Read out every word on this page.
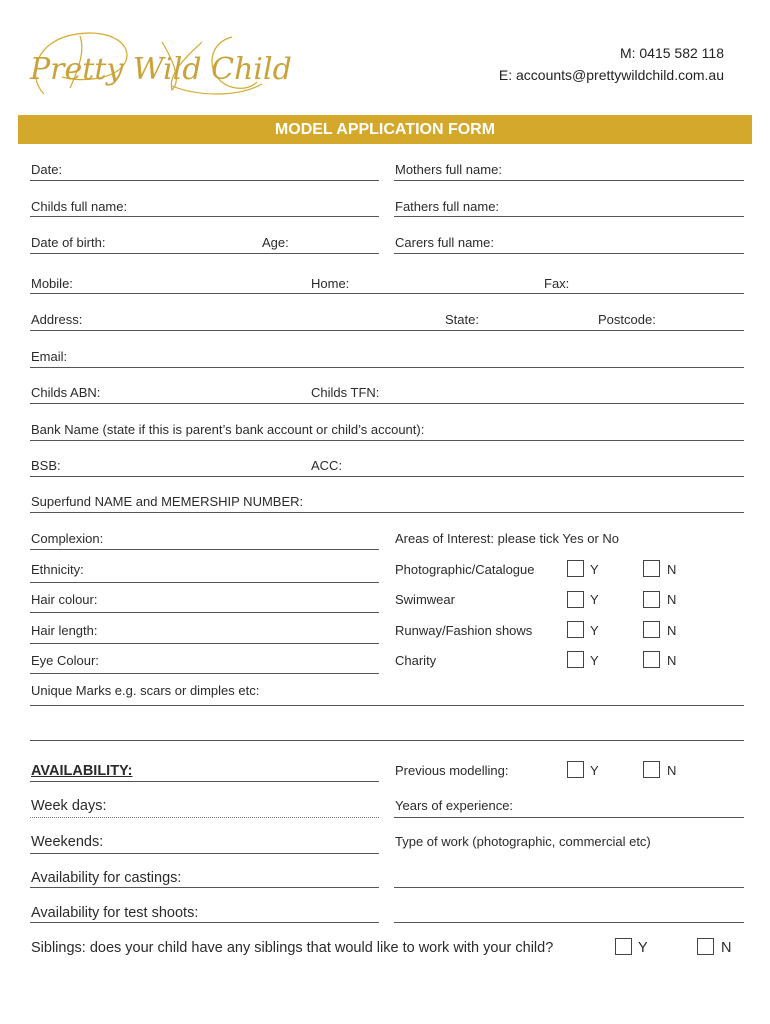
Pretty Wild Child	M: 0415 582 118
E: accounts@prettywildchild.com.au
MODEL APPLICATION FORM
Date:	Mothers full name:
Childs full name:	Fathers full name:
Date of birth:	Age:	Carers full name:
Mobile:	Home:	Fax:
Address:	State:	Postcode:
Email:
Childs ABN:	Childs TFN:
Bank Name (state if this is parent’s bank account or child’s account):
BSB:	ACC:
Superfund NAME and MEMERSHIP NUMBER:
Complexion:	Areas of Interest: please tick Yes or No
Ethnicity:	Photographic/Catalogue	Y	N
Hair colour:	Swimwear	Y	N
Hair length:	Runway/Fashion shows	Y	N
Eye Colour:	Charity	Y	N
Unique Marks e.g. scars or dimples etc:
AVAILABILITY:	Previous modelling:	Y	N
Week days:	Years of experience:
Weekends:	Type of work (photographic, commercial etc)
Availability for castings:
Availability for test shoots:
Siblings: does your child have any siblings that would like to work with your child?	Y	N
